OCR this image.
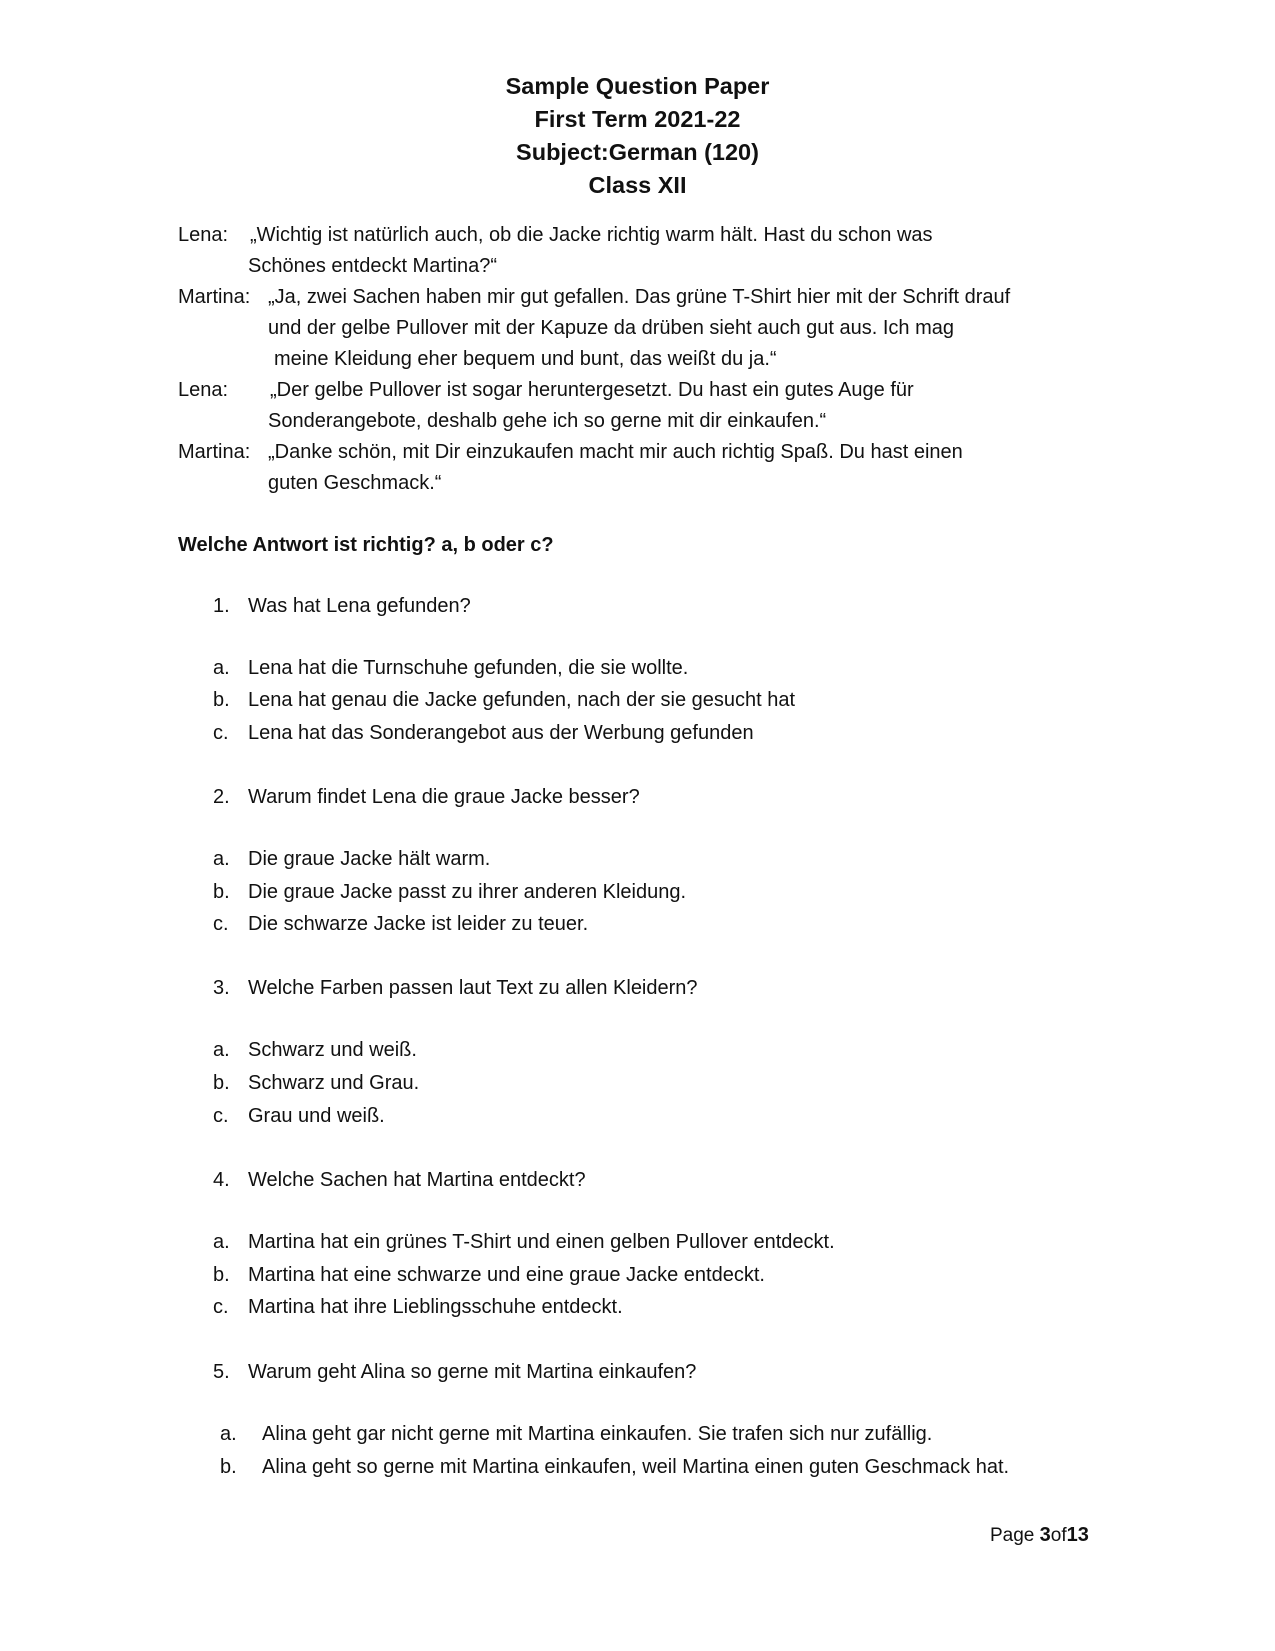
Sample Question Paper
First Term 2021-22
Subject:German (120)
Class XII
Lena: „Wichtig ist natürlich auch, ob die Jacke richtig warm hält. Hast du schon was
Schönes entdeckt Martina?“
Martina: „Ja, zwei Sachen haben mir gut gefallen. Das grüne T-Shirt hier mit der Schrift drauf
und der gelbe Pullover mit der Kapuze da drüben sieht auch gut aus. Ich mag
meine Kleidung eher bequem und bunt, das weißt du ja.“
Lena: „Der gelbe Pullover ist sogar heruntergesetzt. Du hast ein gutes Auge für
Sonderangebote, deshalb gehe ich so gerne mit dir einkaufen.“
Martina: „Danke schön, mit Dir einzukaufen macht mir auch richtig Spaß. Du hast einen
guten Geschmack.“
Welche Antwort ist richtig? a, b oder c?
1. Was hat Lena gefunden?
a. Lena hat die Turnschuhe gefunden, die sie wollte.
b. Lena hat genau die Jacke gefunden, nach der sie gesucht hat
c. Lena hat das Sonderangebot aus der Werbung gefunden
2. Warum findet Lena die graue Jacke besser?
a. Die graue Jacke hält warm.
b. Die graue Jacke passt zu ihrer anderen Kleidung.
c. Die schwarze Jacke ist leider zu teuer.
3. Welche Farben passen laut Text zu allen Kleidern?
a. Schwarz und weiß.
b. Schwarz und Grau.
c. Grau und weiß.
4. Welche Sachen hat Martina entdeckt?
a. Martina hat ein grünes T-Shirt und einen gelben Pullover entdeckt.
b. Martina hat eine schwarze und eine graue Jacke entdeckt.
c. Martina hat ihre Lieblingsschuhe entdeckt.
5. Warum geht Alina so gerne mit Martina einkaufen?
a. Alina geht gar nicht gerne mit Martina einkaufen. Sie trafen sich nur zufällig.
b. Alina geht so gerne mit Martina einkaufen, weil Martina einen guten Geschmack hat.
Page 3of13
